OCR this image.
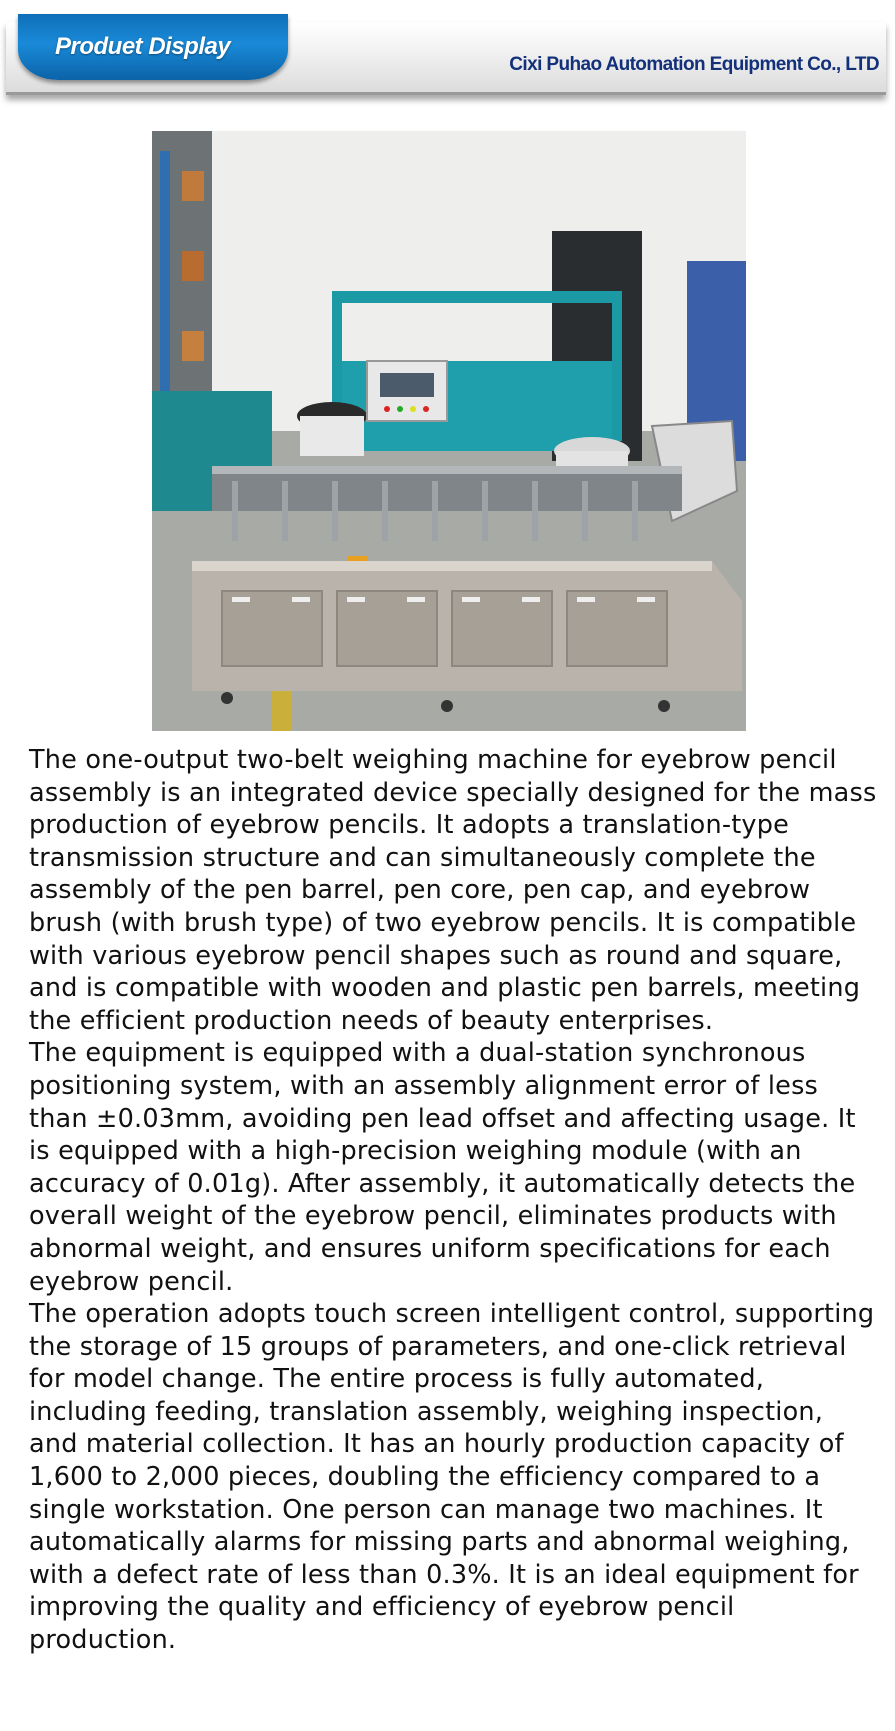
Produet Display
Cixi Puhao Automation Equipment Co., LTD

The one-output two-belt weighing machine for eyebrow pencil assembly is an integrated device specially designed for the mass production of eyebrow pencils. It adopts a translation-type transmission structure and can simultaneously complete the assembly of the pen barrel, pen core, pen cap, and eyebrow brush (with brush type) of two eyebrow pencils. It is compatible with various eyebrow pencil shapes such as round and square, and is compatible with wooden and plastic pen barrels, meeting the efficient production needs of beauty enterprises.

The equipment is equipped with a dual-station synchronous positioning system, with an assembly alignment error of less than ±0.03mm, avoiding pen lead offset and affecting usage. It is equipped with a high-precision weighing module (with an accuracy of 0.01g). After assembly, it automatically detects the overall weight of the eyebrow pencil, eliminates products with abnormal weight, and ensures uniform specifications for each eyebrow pencil.

The operation adopts touch screen intelligent control, supporting the storage of 15 groups of parameters, and one-click retrieval for model change. The entire process is fully automated, including feeding, translation assembly, weighing inspection, and material collection. It has an hourly production capacity of 1,600 to 2,000 pieces, doubling the efficiency compared to a single workstation. One person can manage two machines. It automatically alarms for missing parts and abnormal weighing, with a defect rate of less than 0.3%. It is an ideal equipment for improving the quality and efficiency of eyebrow pencil production.
